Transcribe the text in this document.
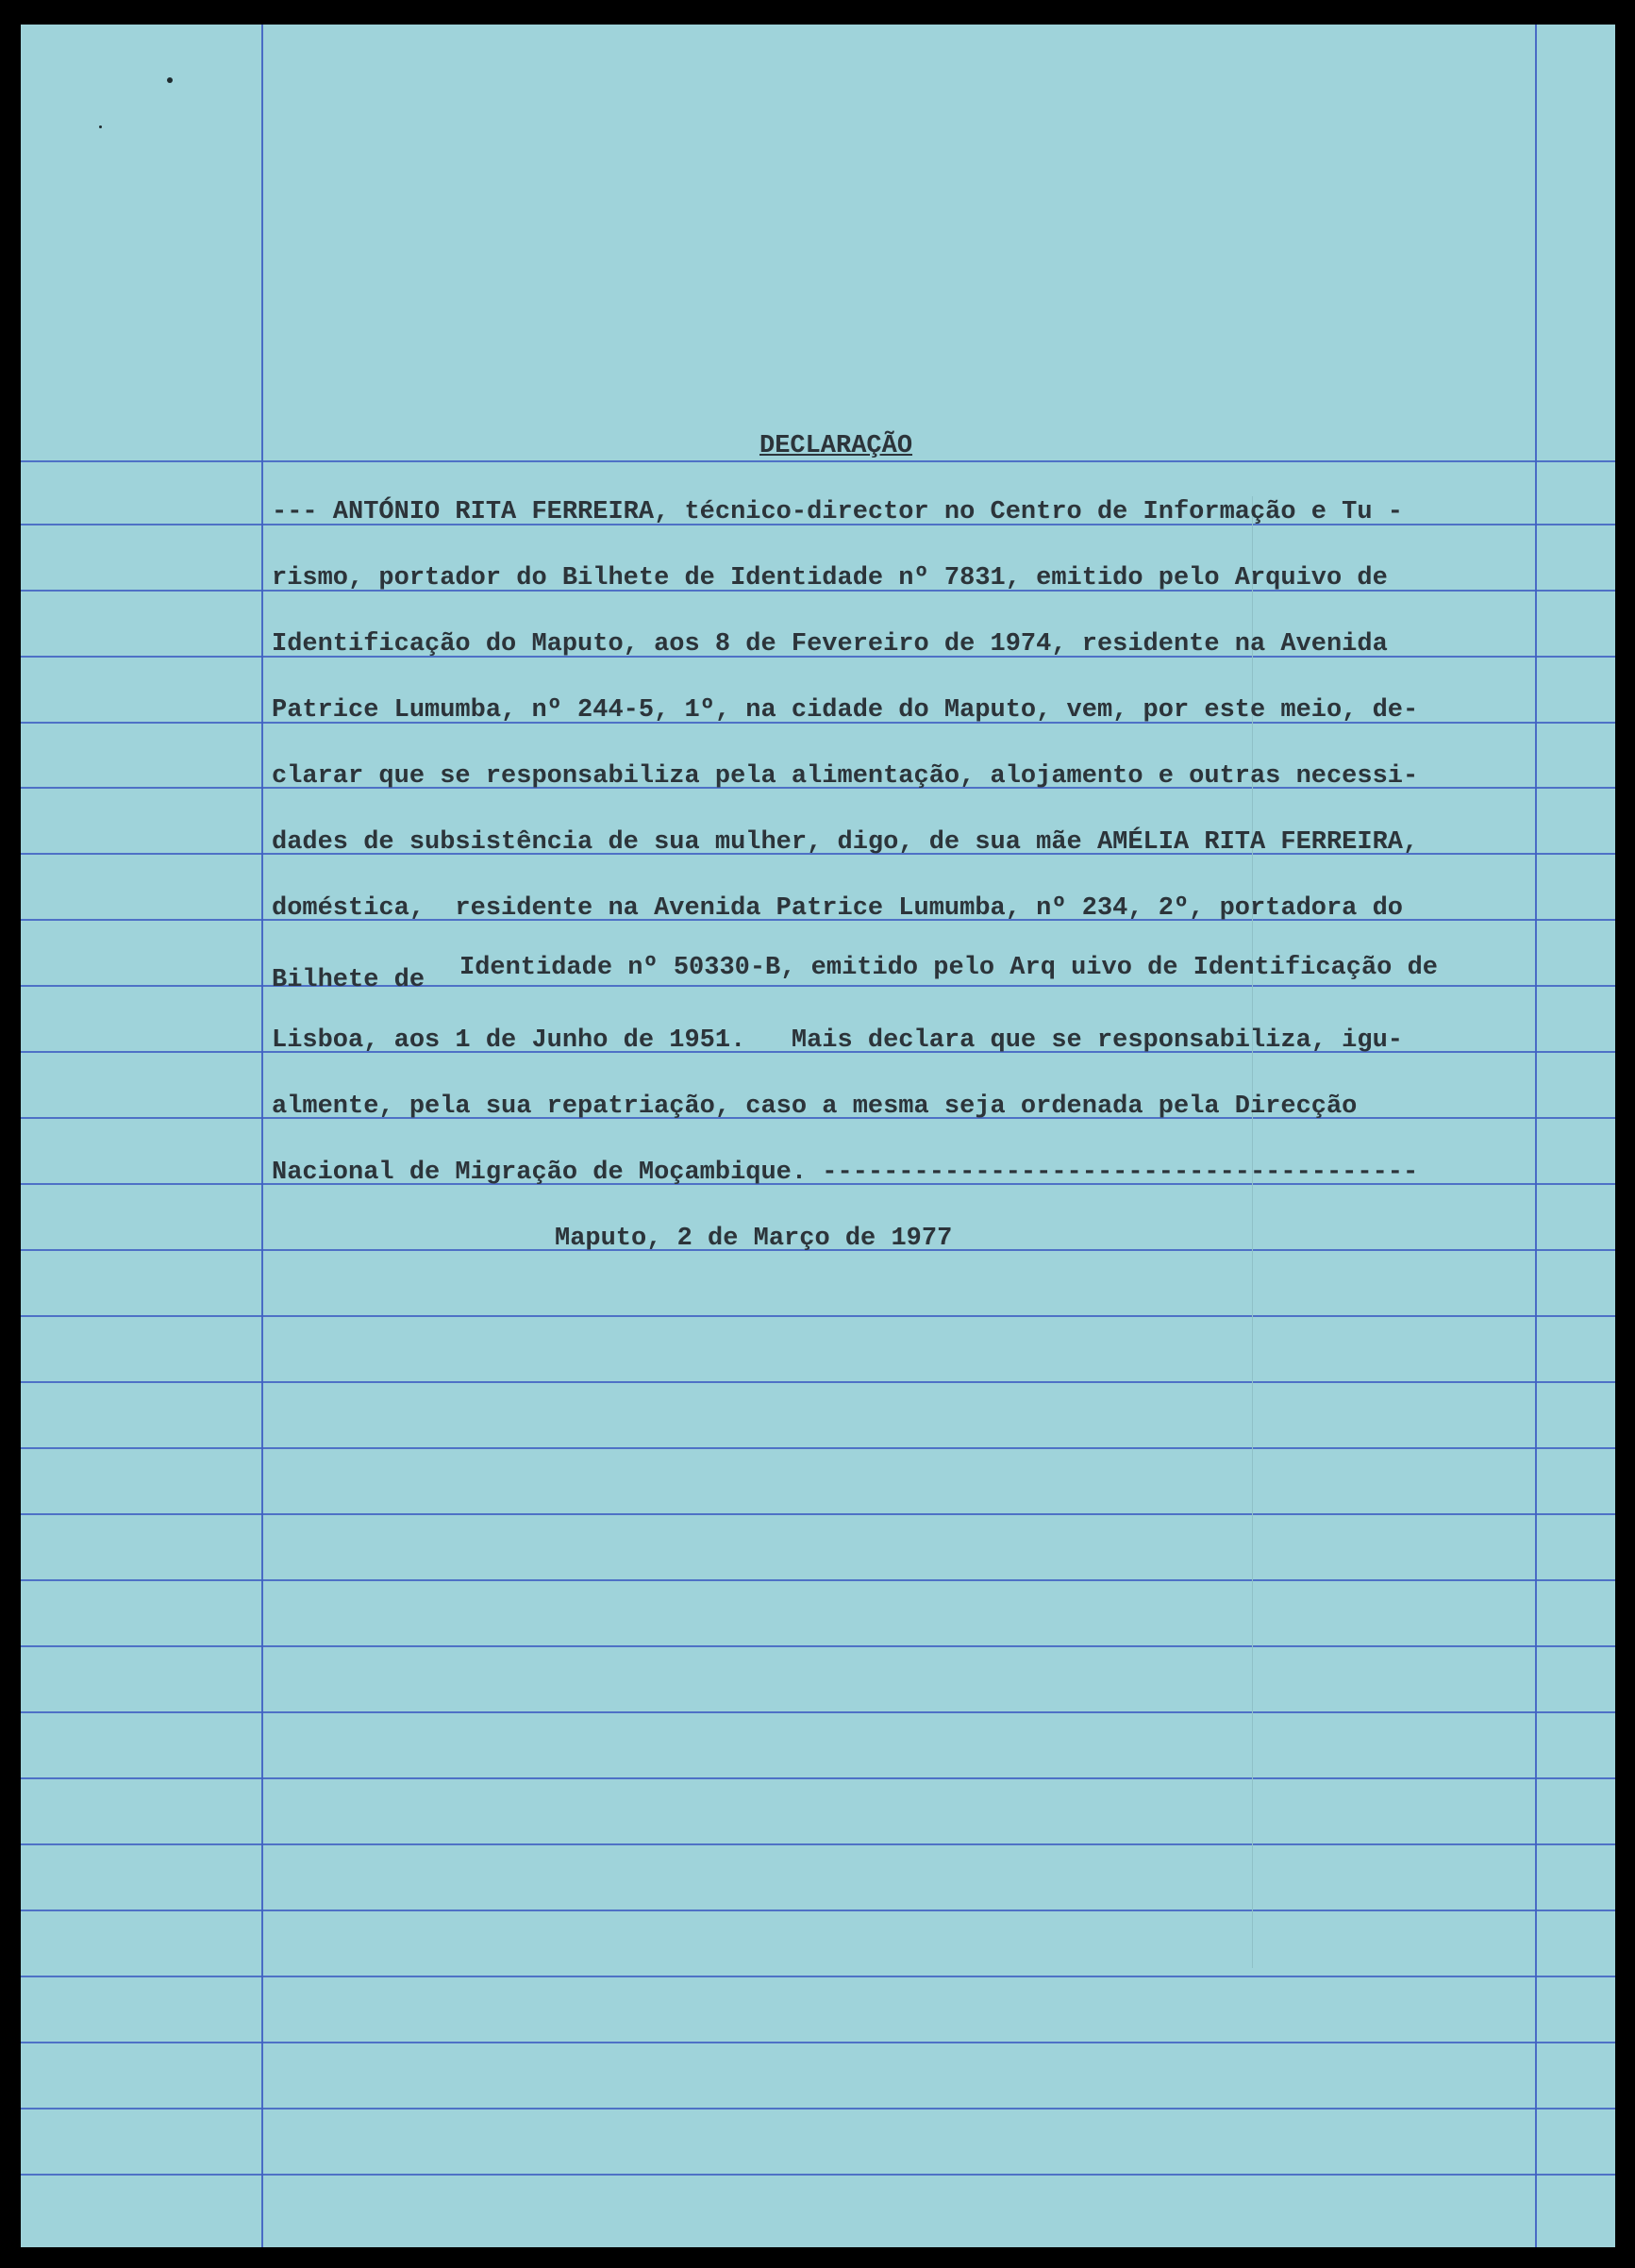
DECLARAÇÃO
--- ANTÓNIO RITA FERREIRA, técnico-director no Centro de Informação e Tu -
rismo, portador do Bilhete de Identidade nº 7831, emitido pelo Arquivo de
Identificação do Maputo, aos 8 de Fevereiro de 1974, residente na Avenida
Patrice Lumumba, nº 244-5, 1º, na cidade do Maputo, vem, por este meio, de-
clarar que se responsabiliza pela alimentação, alojamento e outras necessi-
dades de subsistência de sua mulher, digo, de sua mãe AMÉLIA RITA FERREIRA,
doméstica,  residente na Avenida Patrice Lumumba, nº 234, 2º, portadora do
Bilhete de Identidade nº 50330-B, emitido pelo Arq uivo de Identificação de
Lisboa, aos 1 de Junho de 1951.   Mais declara que se responsabiliza, igu-
almente, pela sua repatriação, caso a mesma seja ordenada pela Direcção
Nacional de Migração de Moçambique. ---------------------------------------
Maputo, 2 de Março de 1977
